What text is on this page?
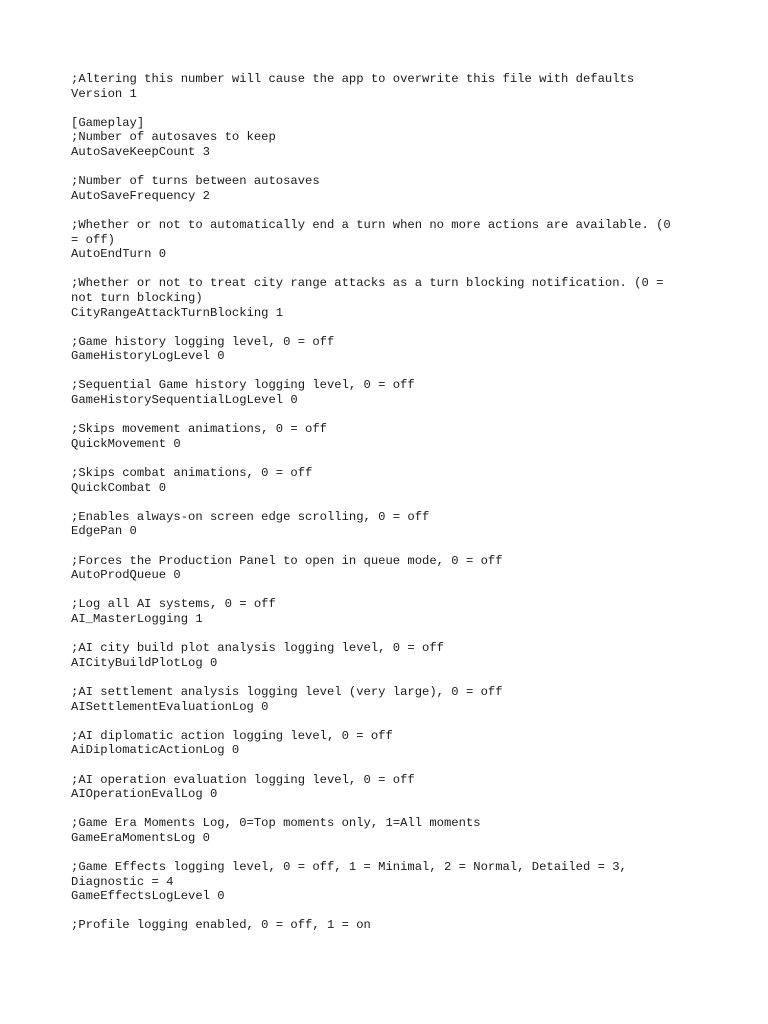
;Altering this number will cause the app to overwrite this file with defaults
Version 1
[Gameplay]
;Number of autosaves to keep
AutoSaveKeepCount 3
;Number of turns between autosaves
AutoSaveFrequency 2
;Whether or not to automatically end a turn when no more actions are available. (0
= off)
AutoEndTurn 0
;Whether or not to treat city range attacks as a turn blocking notification. (0 =
not turn blocking)
CityRangeAttackTurnBlocking 1
;Game history logging level, 0 = off
GameHistoryLogLevel 0
;Sequential Game history logging level, 0 = off
GameHistorySequentialLogLevel 0
;Skips movement animations, 0 = off
QuickMovement 0
;Skips combat animations, 0 = off
QuickCombat 0
;Enables always-on screen edge scrolling, 0 = off
EdgePan 0
;Forces the Production Panel to open in queue mode, 0 = off
AutoProdQueue 0
;Log all AI systems, 0 = off
AI_MasterLogging 1
;AI city build plot analysis logging level, 0 = off
AICityBuildPlotLog 0
;AI settlement analysis logging level (very large), 0 = off
AISettlementEvaluationLog 0
;AI diplomatic action logging level, 0 = off
AiDiplomaticActionLog 0
;AI operation evaluation logging level, 0 = off
AIOperationEvalLog 0
;Game Era Moments Log, 0=Top moments only, 1=All moments
GameEraMomentsLog 0
;Game Effects logging level, 0 = off, 1 = Minimal, 2 = Normal, Detailed = 3,
Diagnostic = 4
GameEffectsLogLevel 0
;Profile logging enabled, 0 = off, 1 = on
